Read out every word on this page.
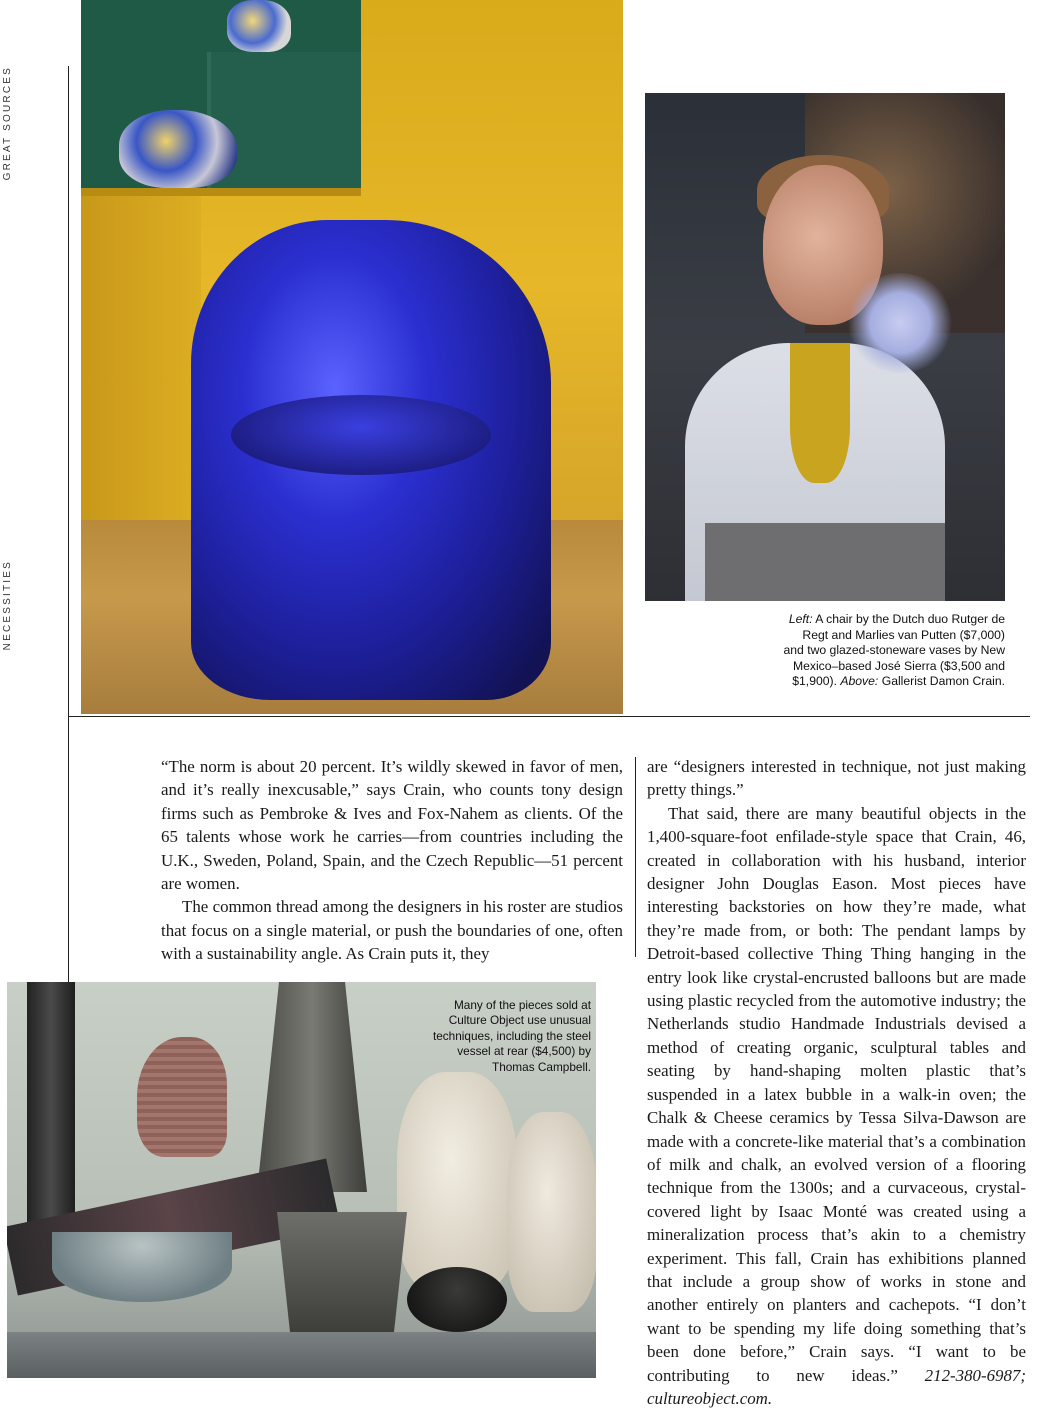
GREAT SOURCES
NECESSITIES	Left: A chair by the Dutch duo Rutger de Regt and Marlies van Putten ($7,000) and two glazed-stoneware vases by New Mexico–based José Sierra ($3,500 and $1,900). Above: Gallerist Damon Crain.
Many of the pieces sold at Culture Object use unusual techniques, including the steel vessel at rear ($4,500) by Thomas Campbell.

“The norm is about 20 percent. It’s wildly skewed in favor of men, and it’s really inexcusable,” says Crain, who counts tony design firms such as Pembroke & Ives and Fox-Nahem as clients. Of the 65 talents whose work he carries—from countries including the U.K., Sweden, Poland, Spain, and the Czech Republic—51 percent are women.

The common thread among the designers in his roster are studios that focus on a single material, or push the boundaries of one, often with a sustainability angle. As Crain puts it, they

are “designers interested in technique, not just making pretty things.”

That said, there are many beautiful objects in the 1,400-square-foot enfilade-style space that Crain, 46, created in collaboration with his husband, interior designer John Douglas Eason. Most pieces have interesting backstories on how they’re made, what they’re made from, or both: The pendant lamps by Detroit-based collective Thing Thing hanging in the entry look like crystal-encrusted balloons but are made using plastic recycled from the automotive industry; the Netherlands studio Handmade Industrials devised a method of creating organic, sculptural tables and seating by hand-shaping molten plastic that’s suspended in a latex bubble in a walk-in oven; the Chalk & Cheese ceramics by Tessa Silva-Dawson are made with a concrete-like material that’s a combination of milk and chalk, an evolved version of a flooring technique from the 1300s; and a curvaceous, crystal-covered light by Isaac Monté was created using a mineralization process that’s akin to a chemistry experiment. This fall, Crain has exhibitions planned that include a group show of works in stone and another entirely on planters and cachepots. “I don’t want to be spending my life doing something that’s been done before,” Crain says. “I want to be contributing to new ideas.” 212-380-6987; cultureobject.com.
